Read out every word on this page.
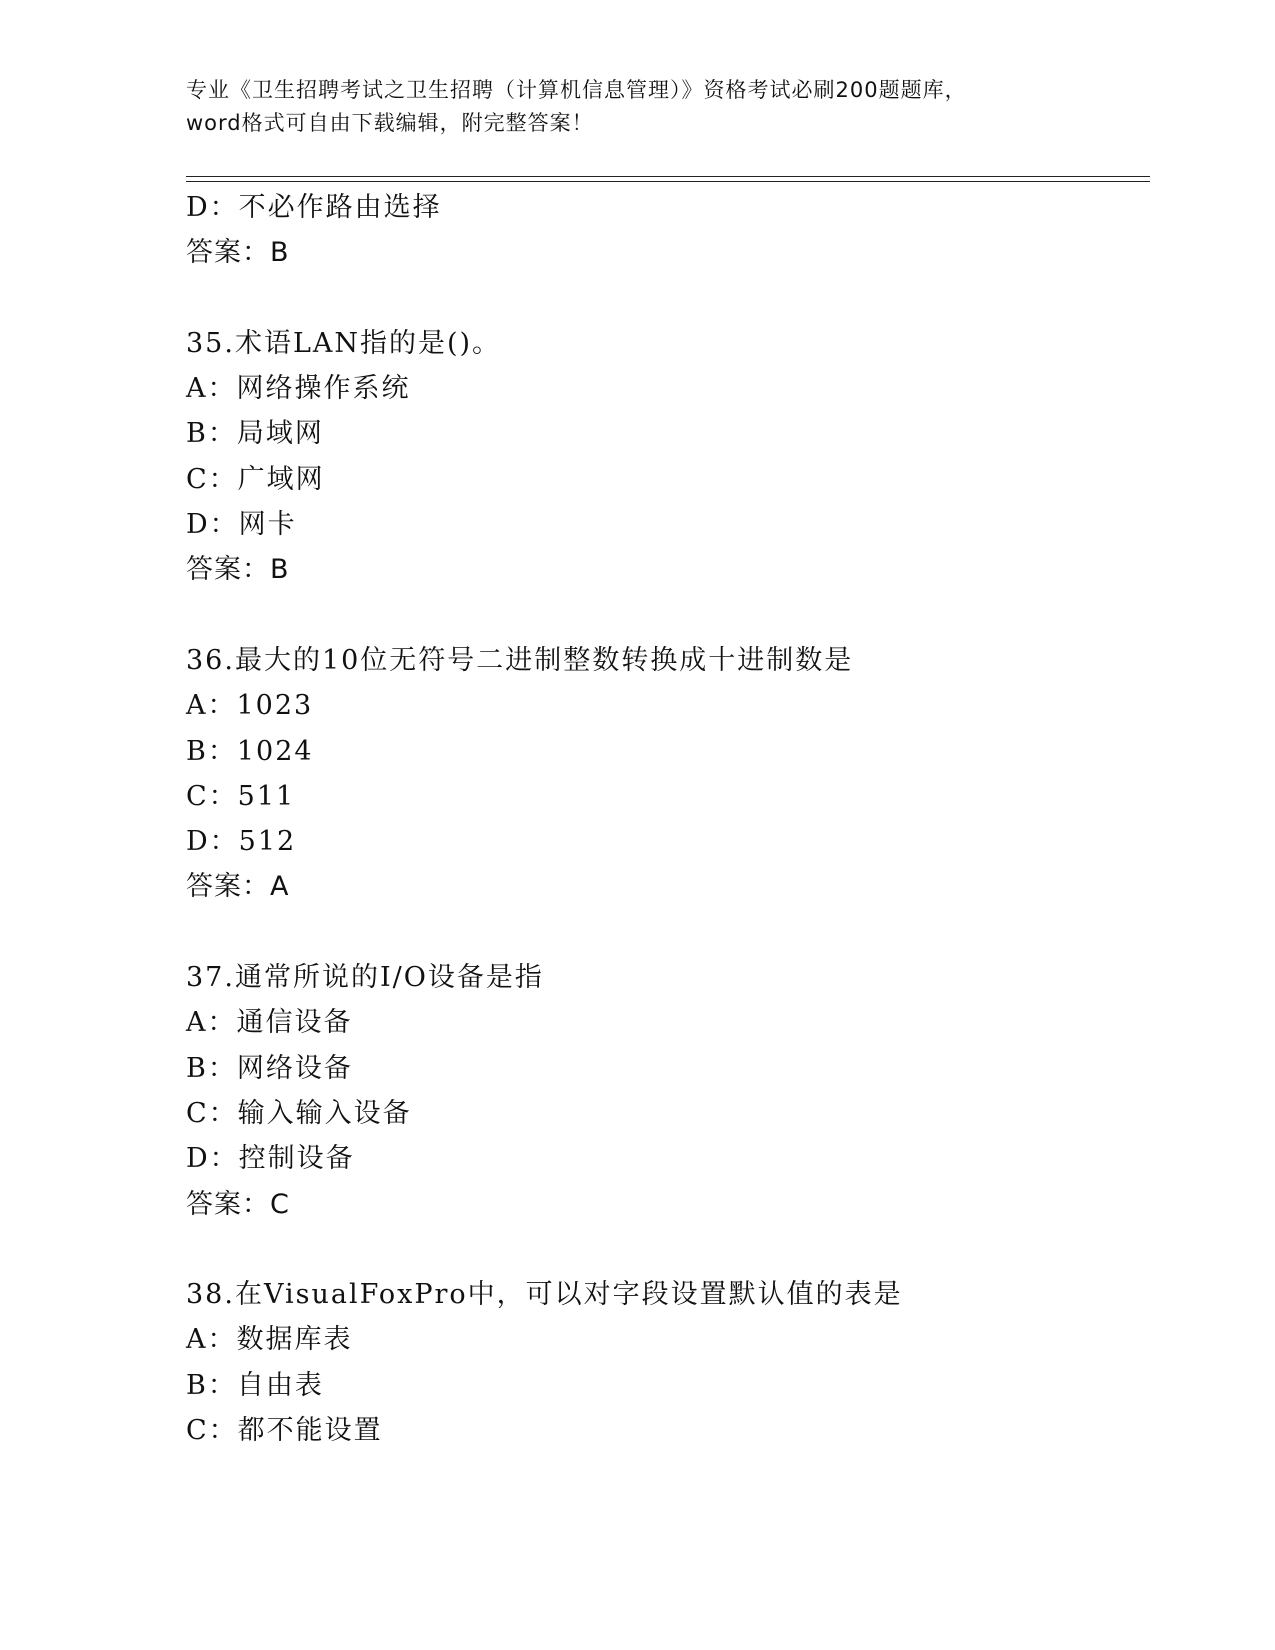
专业《卫生招聘考试之卫生招聘（计算机信息管理）》资格考试必刷200题题库，
word格式可自由下载编辑，附完整答案！
D：不必作路由选择
答案：B
35.术语LAN指的是()。
A：网络操作系统
B：局域网
C：广域网
D：网卡
答案：B
36.最大的10位无符号二进制整数转换成十进制数是
A：1023
B：1024
C：511
D：512
答案：A
37.通常所说的I/O设备是指
A：通信设备
B：网络设备
C：输入输入设备
D：控制设备
答案：C
38.在VisualFoxPro中，可以对字段设置默认值的表是
A：数据库表
B：自由表
C：都不能设置
